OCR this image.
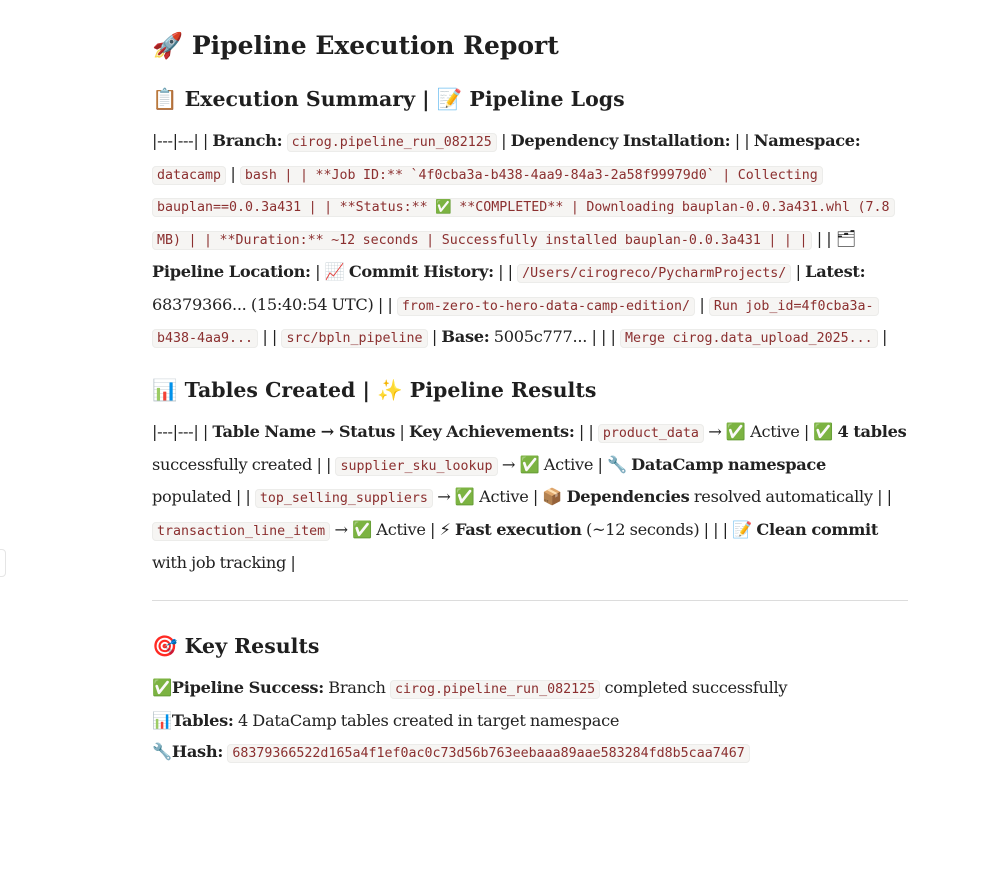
🚀 Pipeline Execution Report
📋 Execution Summary | 📝 Pipeline Logs

|---|---| | Branch: cirog.pipeline_run_082125 | Dependency Installation: | | Namespace: datacamp | bash | | **Job ID:** `4f0cba3a-b438-4aa9-84a3-2a58f99979d0` | Collecting bauplan==0.0.3a431 | | **Status:** ✅ **COMPLETED** | Downloading bauplan-0.0.3a431.whl (7.8 MB) | | **Duration:** ~12 seconds | Successfully installed bauplan-0.0.3a431 | | | | | 🗂 Pipeline Location: | 📈 Commit History: | | /Users/cirogreco/PycharmProjects/ | Latest: 68379366... (15:40:54 UTC) | | from-zero-to-hero-data-camp-edition/ | Run job_id=4f0cba3a-b438-4aa9... | | src/bpln_pipeline | Base: 5005c777... | | | Merge cirog.data_upload_2025... |

📊 Tables Created | ✨ Pipeline Results

|---|---| | Table Name → Status | Key Achievements: | | product_data → ✅ Active | ✅ 4 tables successfully created | | supplier_sku_lookup → ✅ Active | 🔧 DataCamp namespace populated | | top_selling_suppliers → ✅ Active | 📦 Dependencies resolved automatically | | transaction_line_item → ✅ Active | ⚡ Fast execution (~12 seconds) | | | 📝 Clean commit with job tracking |

🎯 Key Results

✅Pipeline Success: Branch cirog.pipeline_run_082125 completed successfully

📊Tables: 4 DataCamp tables created in target namespace

🔧Hash: 68379366522d165a4f1ef0ac0c73d56b763eebaaa89aae583284fd8b5caa7467
